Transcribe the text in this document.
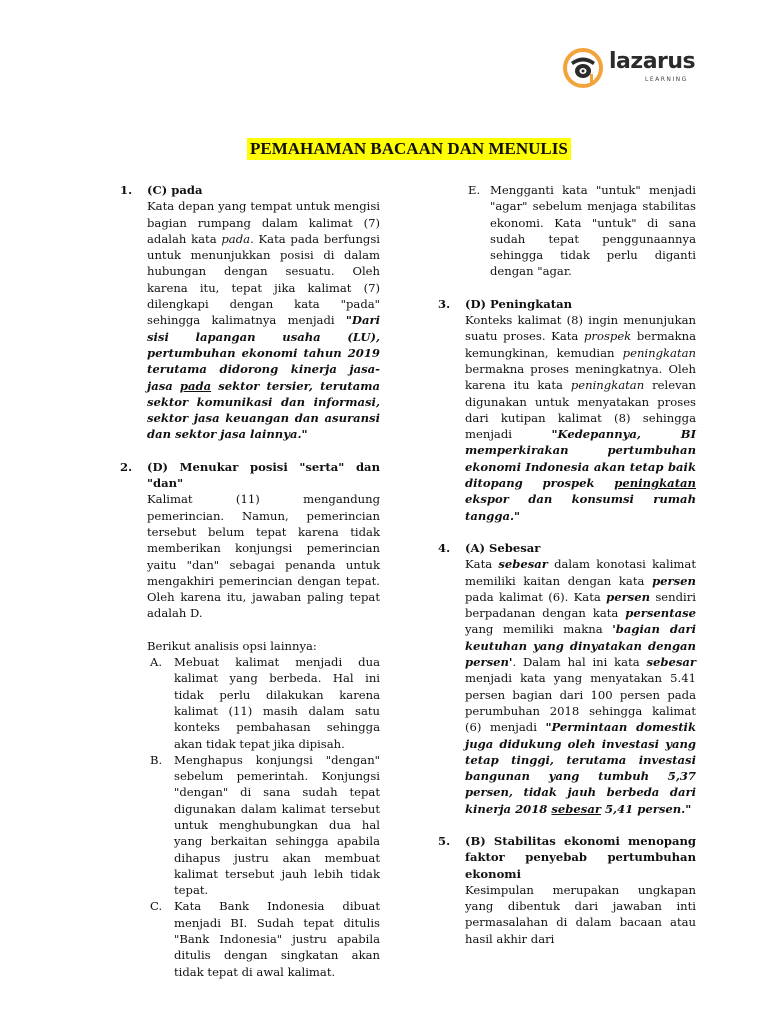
lazarus
LEARNING
PEMAHAMAN BACAAN DAN MENULIS
1. (C) pada

Kata depan yang tempat untuk mengisi bagian rumpang dalam kalimat (7) adalah kata pada. Kata pada berfungsi untuk menunjukkan posisi di dalam hubungan dengan sesuatu. Oleh karena itu, tepat jika kalimat (7) dilengkapi dengan kata "pada" sehingga kalimatnya menjadi "Dari sisi lapangan usaha (LU), pertumbuhan ekonomi tahun 2019 terutama didorong kinerja jasa-jasa pada sektor tersier, terutama sektor komunikasi dan informasi, sektor jasa keuangan dan asuransi dan sektor jasa lainnya."

2. (D) Menukar posisi "serta" dan "dan"

Kalimat (11) mengandung pemerincian. Namun, pemerincian tersebut belum tepat karena tidak memberikan konjungsi pemerincian yaitu "dan" sebagai penanda untuk mengakhiri pemerincian dengan tepat. Oleh karena itu, jawaban paling tepat adalah D.

Berikut analisis opsi lainnya:

A. Mebuat kalimat menjadi dua kalimat yang berbeda. Hal ini tidak perlu dilakukan karena kalimat (11) masih dalam satu konteks pembahasan sehingga akan tidak tepat jika dipisah.

B. Menghapus konjungsi "dengan" sebelum pemerintah. Konjungsi "dengan" di sana sudah tepat digunakan dalam kalimat tersebut untuk menghubungkan dua hal yang berkaitan sehingga apabila dihapus justru akan membuat kalimat tersebut jauh lebih tidak tepat.

C. Kata Bank Indonesia dibuat menjadi BI. Sudah tepat ditulis "Bank Indonesia" justru apabila ditulis dengan singkatan akan tidak tepat di awal kalimat.

E. Mengganti kata "untuk" menjadi "agar" sebelum menjaga stabilitas ekonomi. Kata "untuk" di sana sudah tepat penggunaannya sehingga tidak perlu diganti dengan "agar.

3. (D) Peningkatan

Konteks kalimat (8) ingin menunjukan suatu proses. Kata prospek bermakna kemungkinan, kemudian peningkatan bermakna proses meningkatnya. Oleh karena itu kata peningkatan relevan digunakan untuk menyatakan proses dari kutipan kalimat (8) sehingga menjadi "Kedepannya, BI memperkirakan pertumbuhan ekonomi Indonesia akan tetap baik ditopang prospek peningkatan ekspor dan konsumsi rumah tangga."

4. (A) Sebesar

Kata sebesar dalam konotasi kalimat memiliki kaitan dengan kata persen pada kalimat (6). Kata persen sendiri berpadanan dengan kata persentase yang memiliki makna 'bagian dari keutuhan yang dinyatakan dengan persen'. Dalam hal ini kata sebesar menjadi kata yang menyatakan 5.41 persen bagian dari 100 persen pada perumbuhan 2018 sehingga kalimat (6) menjadi "Permintaan domestik juga didukung oleh investasi yang tetap tinggi, terutama investasi bangunan yang tumbuh 5,37 persen, tidak jauh berbeda dari kinerja 2018 sebesar 5,41 persen."

5. (B) Stabilitas ekonomi menopang faktor penyebab pertumbuhan ekonomi

Kesimpulan merupakan ungkapan yang dibentuk dari jawaban inti permasalahan di dalam bacaan atau hasil akhir dari
